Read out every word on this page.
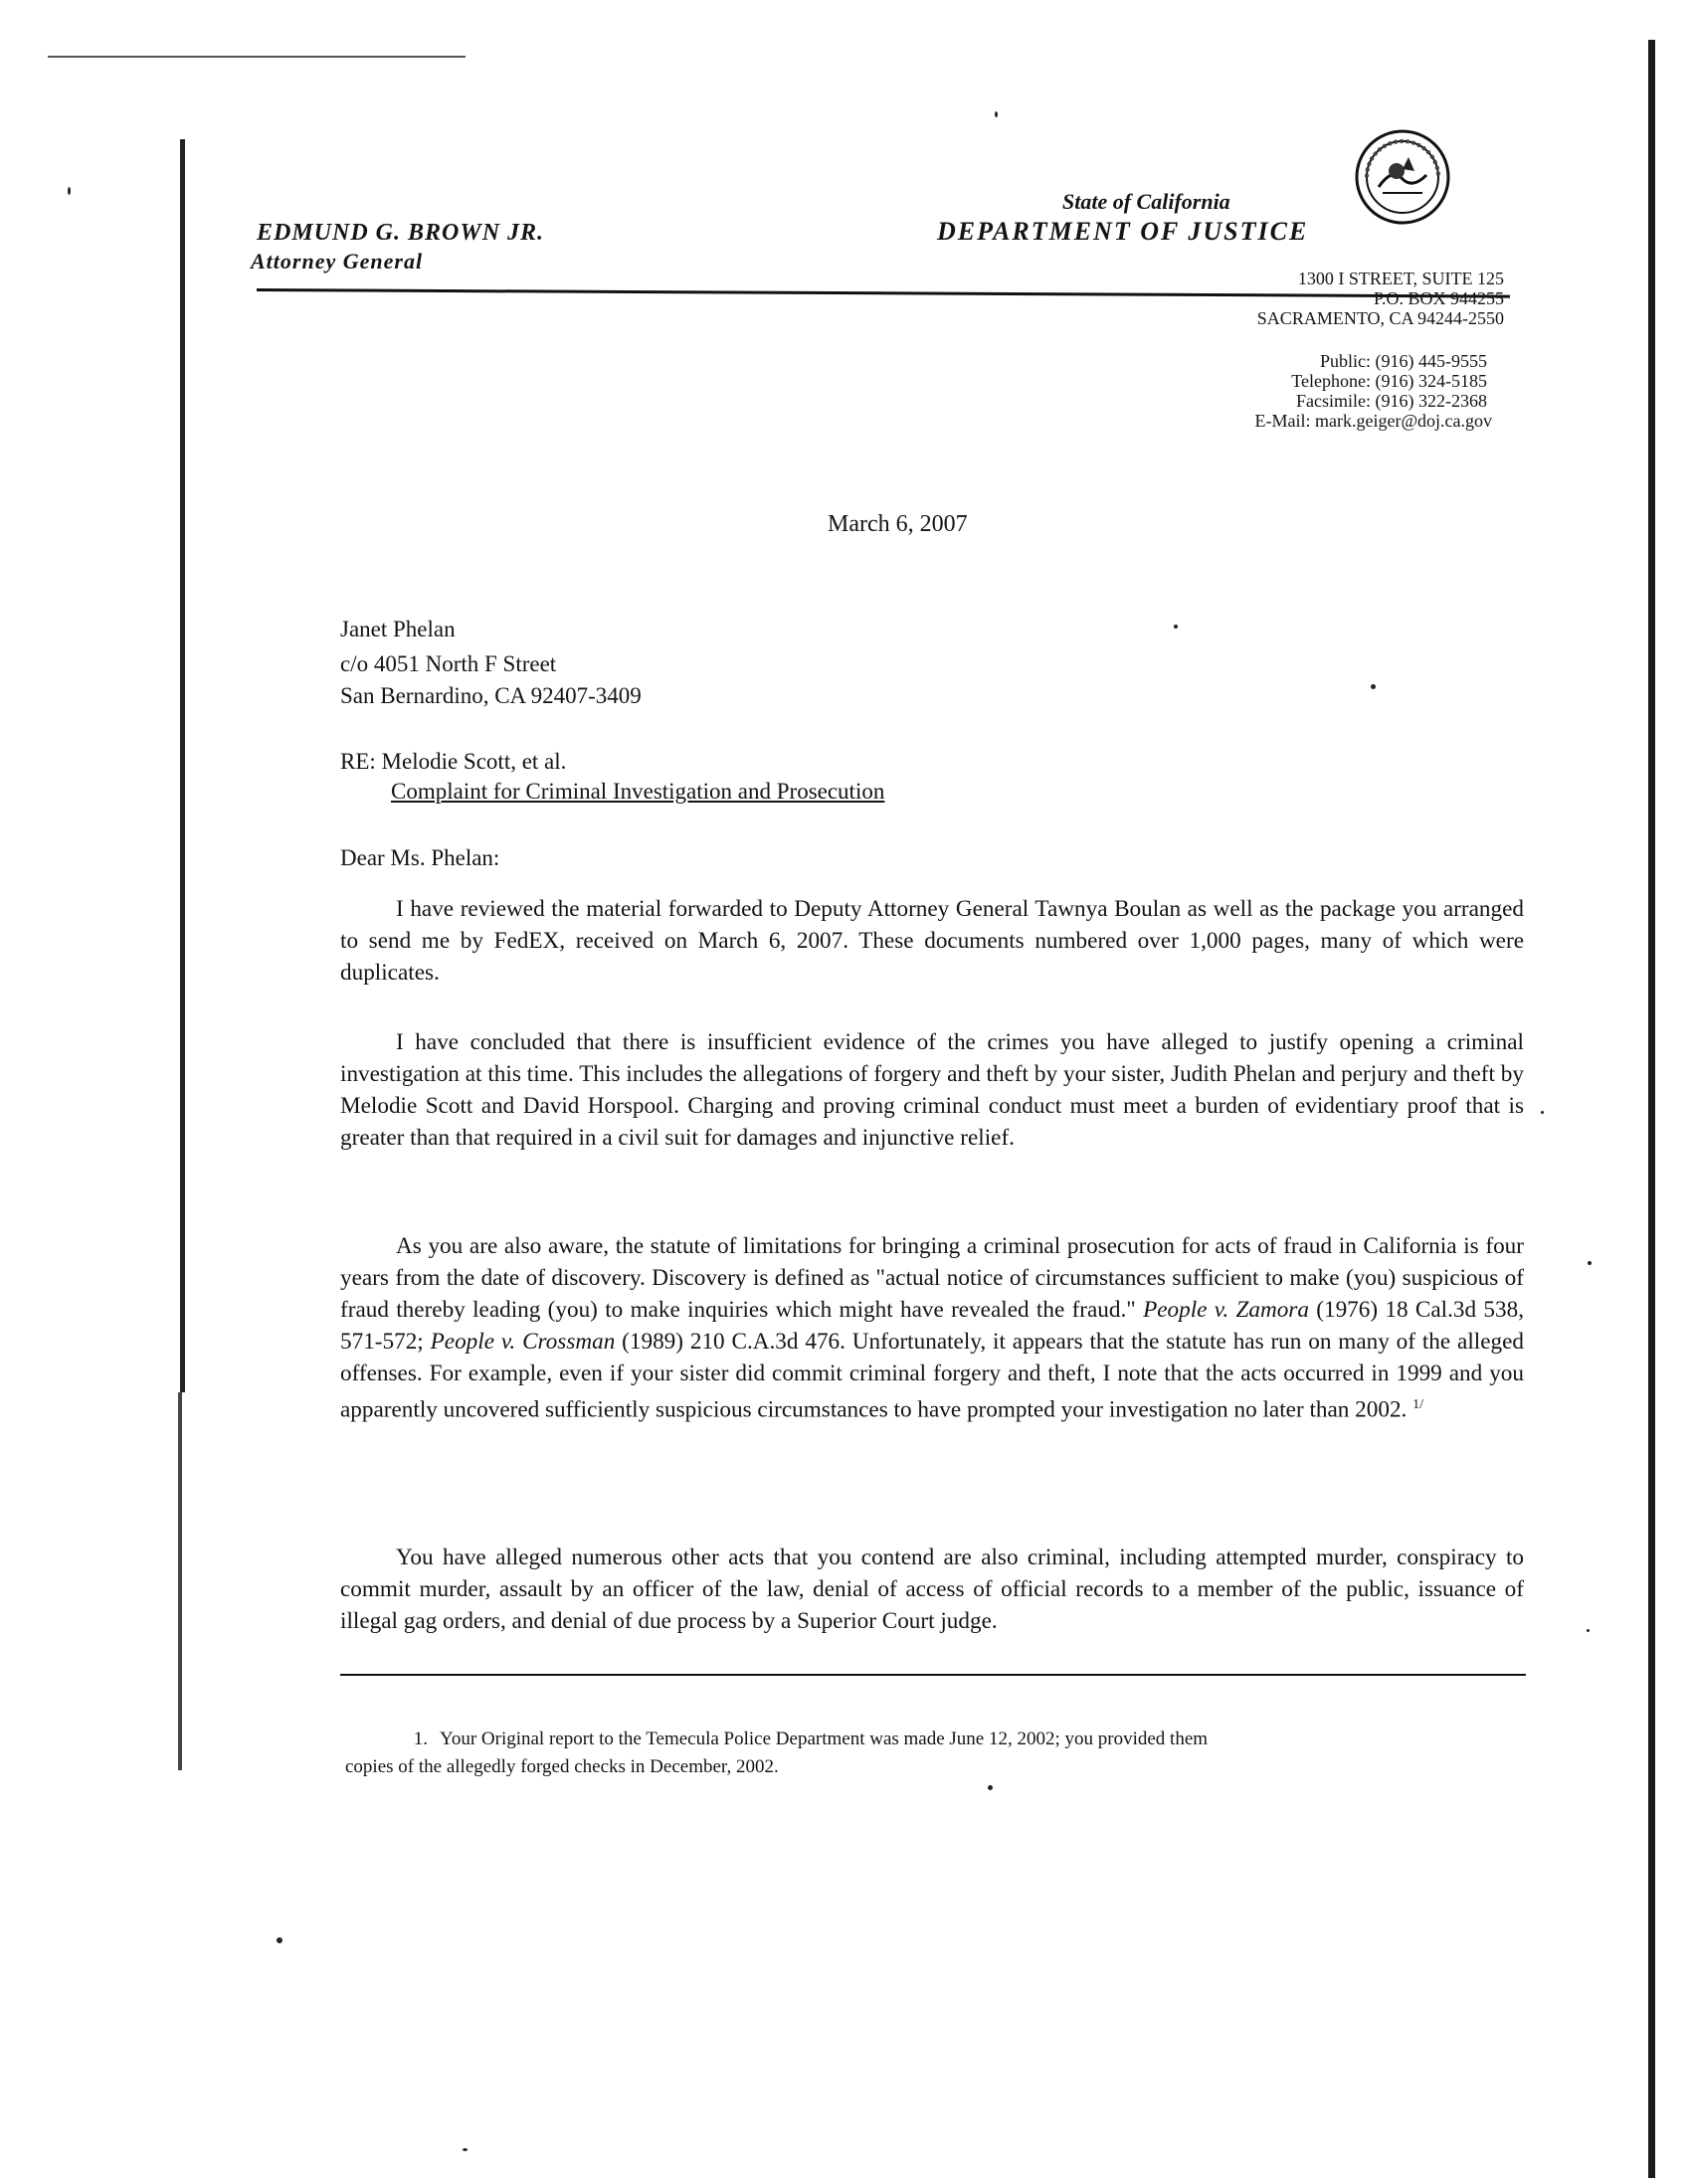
EDMUND G. BROWN JR.
Attorney General
State of California
DEPARTMENT OF JUSTICE
1300 I STREET, SUITE 125
P.O. BOX 944255
SACRAMENTO, CA 94244-2550
Public: (916) 445-9555
Telephone: (916) 324-5185
Facsimile: (916) 322-2368
E-Mail: mark.geiger@doj.ca.gov
March 6, 2007
Janet Phelan
c/o 4051 North F Street
San Bernardino, CA 92407-3409
RE: Melodie Scott, et al.
Complaint for Criminal Investigation and Prosecution
Dear Ms. Phelan:
I have reviewed the material forwarded to Deputy Attorney General Tawnya Boulan as well as the package you arranged to send me by FedEX, received on March 6, 2007. These documents numbered over 1,000 pages, many of which were duplicates.
I have concluded that there is insufficient evidence of the crimes you have alleged to justify opening a criminal investigation at this time. This includes the allegations of forgery and theft by your sister, Judith Phelan and perjury and theft by Melodie Scott and David Horspool. Charging and proving criminal conduct must meet a burden of evidentiary proof that is greater than that required in a civil suit for damages and injunctive relief.
As you are also aware, the statute of limitations for bringing a criminal prosecution for acts of fraud in California is four years from the date of discovery. Discovery is defined as "actual notice of circumstances sufficient to make (you) suspicious of fraud thereby leading (you) to make inquiries which might have revealed the fraud." People v. Zamora (1976) 18 Cal.3d 538, 571-572; People v. Crossman (1989) 210 C.A.3d 476. Unfortunately, it appears that the statute has run on many of the alleged offenses. For example, even if your sister did commit criminal forgery and theft, I note that the acts occurred in 1999 and you apparently uncovered sufficiently suspicious circumstances to have prompted your investigation no later than 2002. $^{1/}$
You have alleged numerous other acts that you contend are also criminal, including attempted murder, conspiracy to commit murder, assault by an officer of the law, denial of access of official records to a member of the public, issuance of illegal gag orders, and denial of due process by a Superior Court judge.
1. Your Original report to the Temecula Police Department was made June 12, 2002; you provided them
copies of the allegedly forged checks in December, 2002.
